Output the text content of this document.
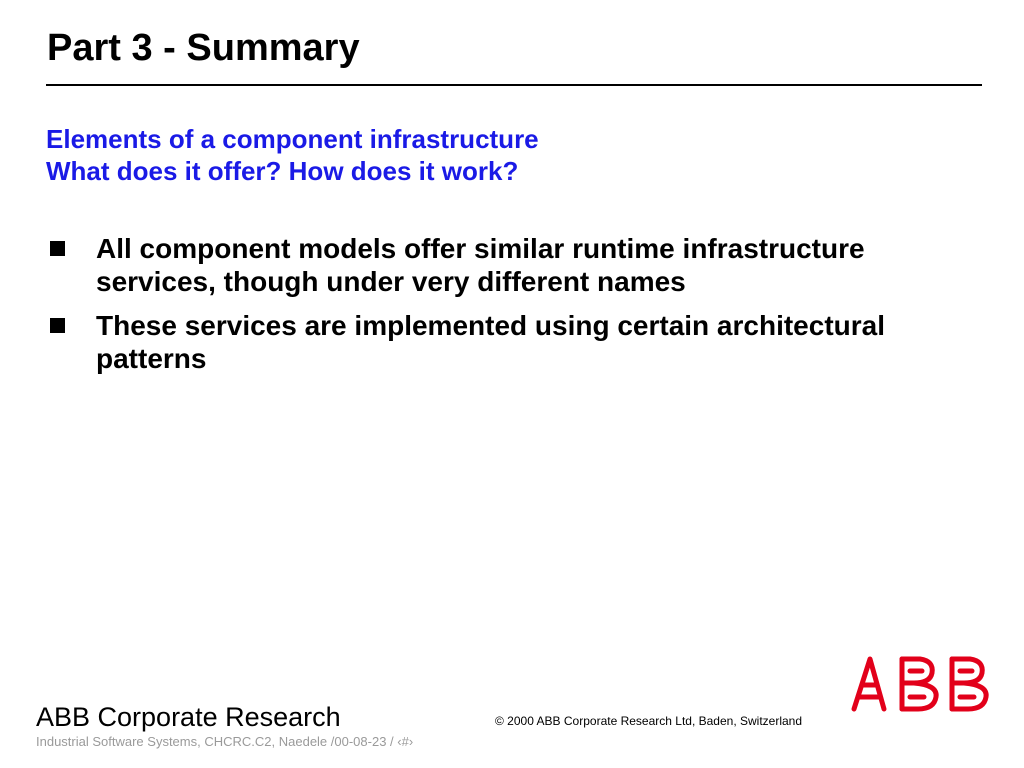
Part 3 - Summary
Elements of a component infrastructure
What does it offer? How does it work?
All component models offer similar runtime infrastructure services, though under very different names
These services are implemented using certain architectural patterns
ABB Corporate Research	© 2000 ABB Corporate Research Ltd, Baden, Switzerland
Industrial Software Systems, CHCRC.C2, Naedele /00-08-23 / ‹#›
